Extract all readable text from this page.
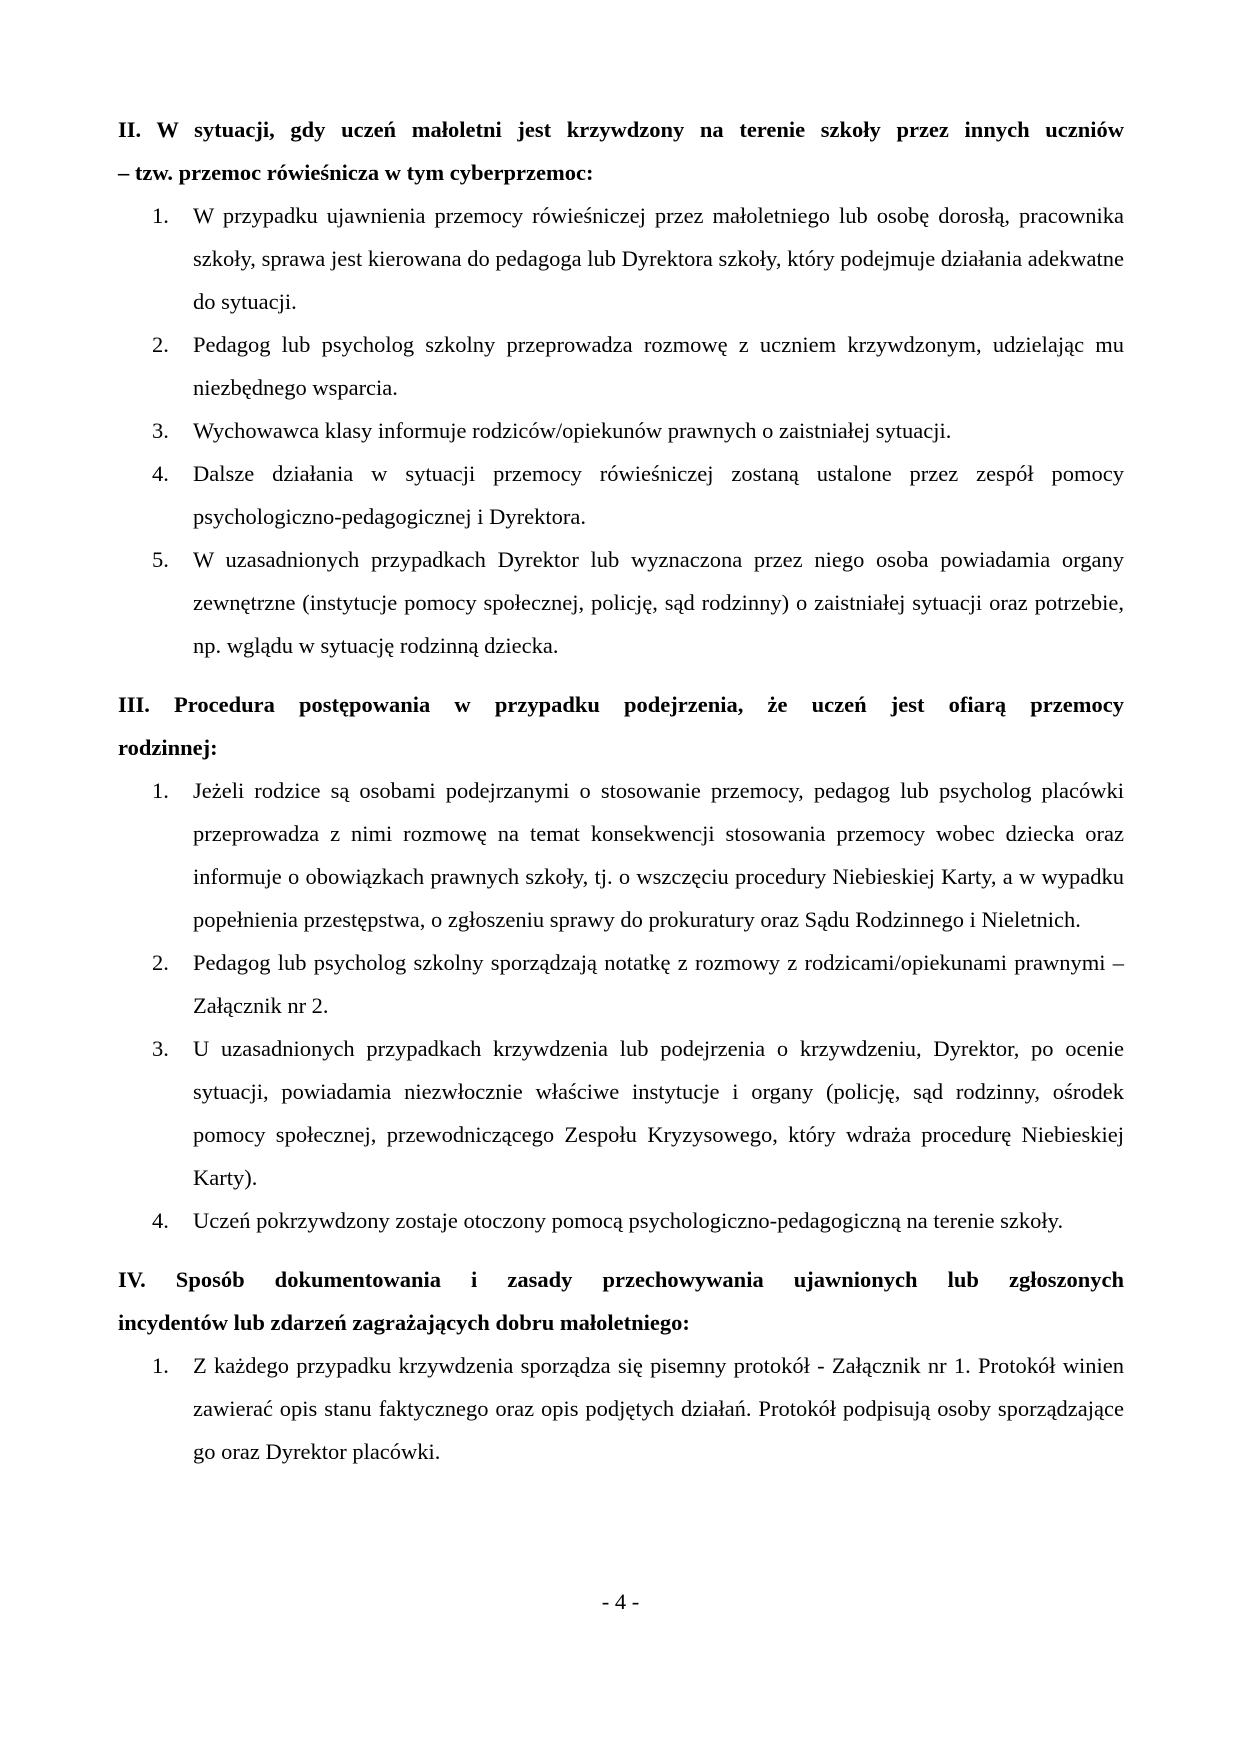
II. W sytuacji, gdy uczeń małoletni jest krzywdzony na terenie szkoły przez innych uczniów
– tzw. przemoc rówieśnicza w tym cyberprzemoc:

1.	W przypadku ujawnienia przemocy rówieśniczej przez małoletniego lub osobę dorosłą, pracownika szkoły, sprawa jest kierowana do pedagoga lub Dyrektora szkoły, który podejmuje działania adekwatne do sytuacji.
2.	Pedagog lub psycholog szkolny przeprowadza rozmowę z uczniem krzywdzonym, udzielając mu niezbędnego wsparcia.
3.	Wychowawca klasy informuje rodziców/opiekunów prawnych o zaistniałej sytuacji.
4.	Dalsze działania w sytuacji przemocy rówieśniczej zostaną ustalone przez zespół pomocy psychologiczno-pedagogicznej i Dyrektora.
5.	W uzasadnionych przypadkach Dyrektor lub wyznaczona przez niego osoba powiadamia organy zewnętrzne (instytucje pomocy społecznej, policję, sąd rodzinny) o zaistniałej sytuacji oraz potrzebie, np. wglądu w sytuację rodzinną dziecka.

III. Procedura postępowania w przypadku podejrzenia, że uczeń jest ofiarą przemocy
rodzinnej:

1.	Jeżeli rodzice są osobami podejrzanymi o stosowanie przemocy, pedagog lub psycholog placówki przeprowadza z nimi rozmowę na temat konsekwencji stosowania przemocy wobec dziecka oraz informuje o obowiązkach prawnych szkoły, tj. o wszczęciu procedury Niebieskiej Karty, a w wypadku popełnienia przestępstwa, o zgłoszeniu sprawy do prokuratury oraz Sądu Rodzinnego i Nieletnich.
2.	Pedagog lub psycholog szkolny sporządzają notatkę z rozmowy z rodzicami/opiekunami prawnymi – Załącznik nr 2.
3.	U uzasadnionych przypadkach krzywdzenia lub podejrzenia o krzywdzeniu, Dyrektor, po ocenie sytuacji, powiadamia niezwłocznie właściwe instytucje i organy (policję, sąd rodzinny, ośrodek pomocy społecznej, przewodniczącego Zespołu Kryzysowego, który wdraża procedurę Niebieskiej Karty).
4.	Uczeń pokrzywdzony zostaje otoczony pomocą psychologiczno-pedagogiczną na terenie szkoły.

IV. Sposób dokumentowania i zasady przechowywania ujawnionych lub zgłoszonych
incydentów lub zdarzeń zagrażających dobru małoletniego:

1.	Z każdego przypadku krzywdzenia sporządza się pisemny protokół - Załącznik nr 1. Protokół winien zawierać opis stanu faktycznego oraz opis podjętych działań. Protokół podpisują osoby sporządzające go oraz Dyrektor placówki.
- 4 -
